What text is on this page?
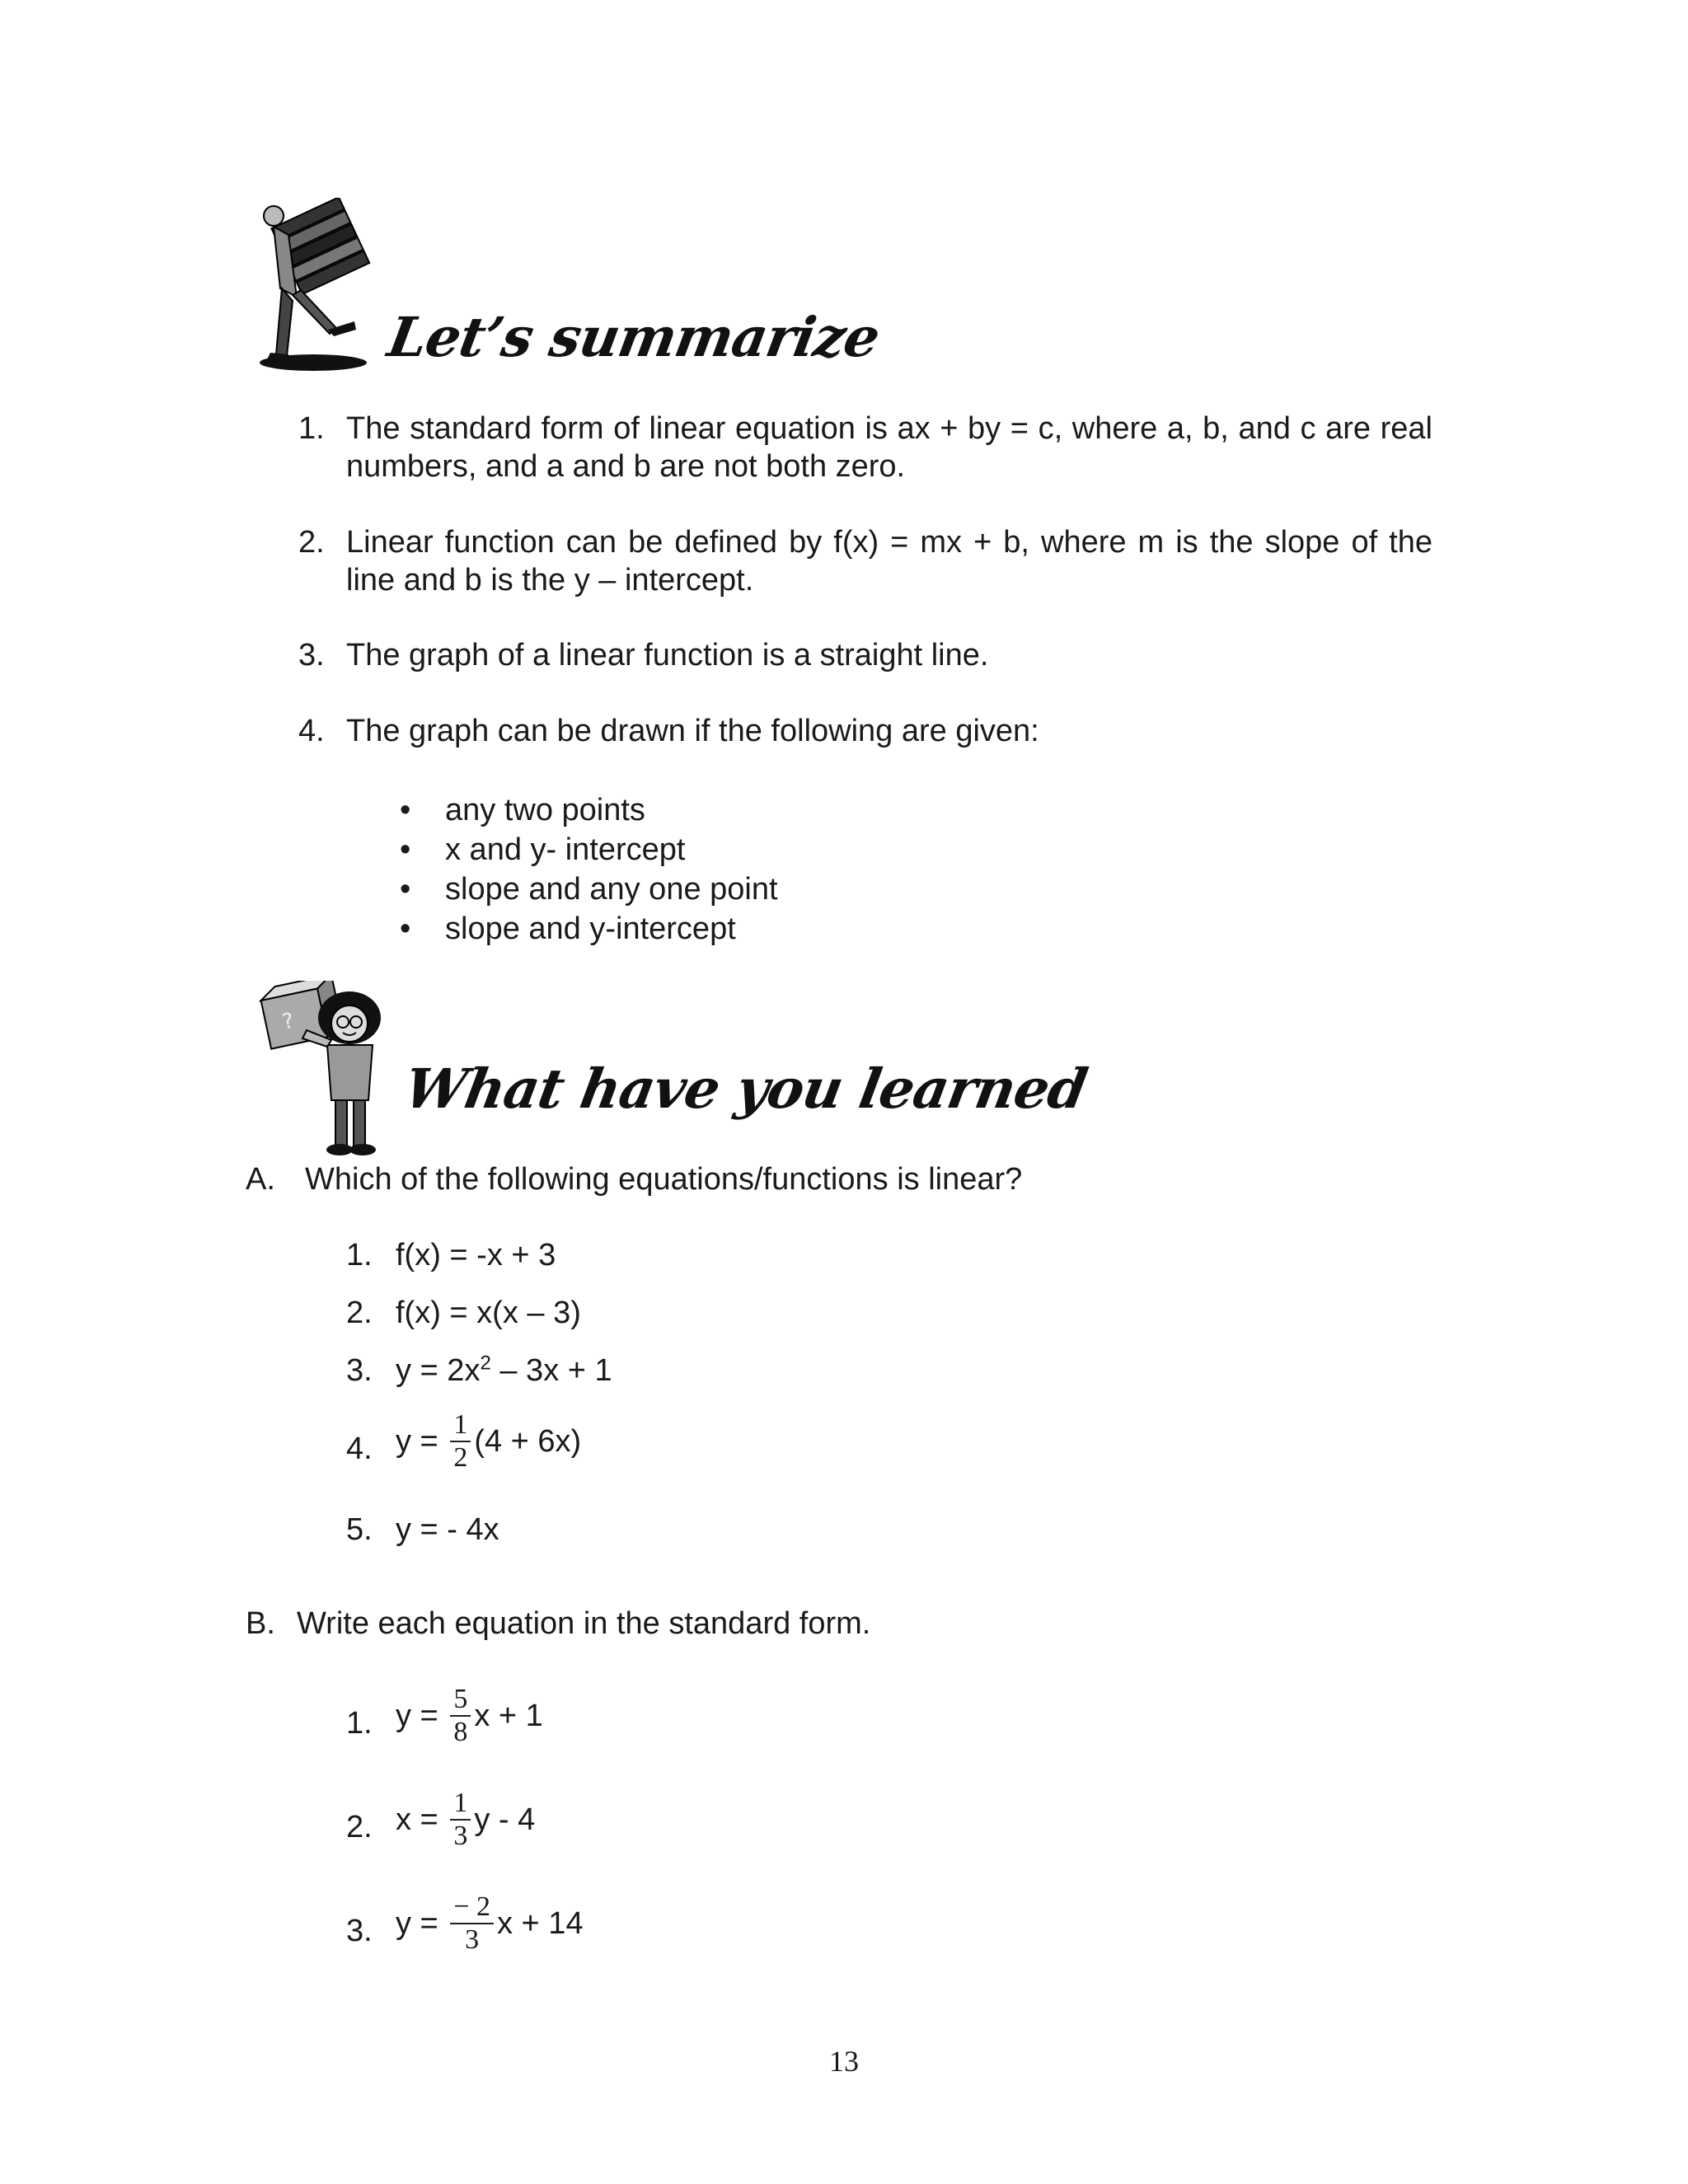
Let’s summarize
1. The standard form of linear equation is ax + by = c, where a, b, and c are real numbers, and a and b are not both zero.
2. Linear function can be defined by f(x) = mx + b, where m is the slope of the line and b is the y – intercept.
3. The graph of a linear function is a straight line.
4. The graph can be drawn if the following are given:
• any two points
• x and y- intercept
• slope and any one point
• slope and y-intercept
?
What have you learned
A. Which of the following equations/functions is linear?
1. f(x) = -x + 3
2. f(x) = x(x – 3)
3. $y = 2x^2 - 3x + 1$
4. $y = \frac{1}{2} (4 + 6x)$
5. y = - 4x
B. Write each equation in the standard form.
1. $y = \frac{5}{8}$ x + 1
2. $x = \frac{1}{3}$ y - 4
3. $y = \frac{- 2}{3}$ x + 14
13
